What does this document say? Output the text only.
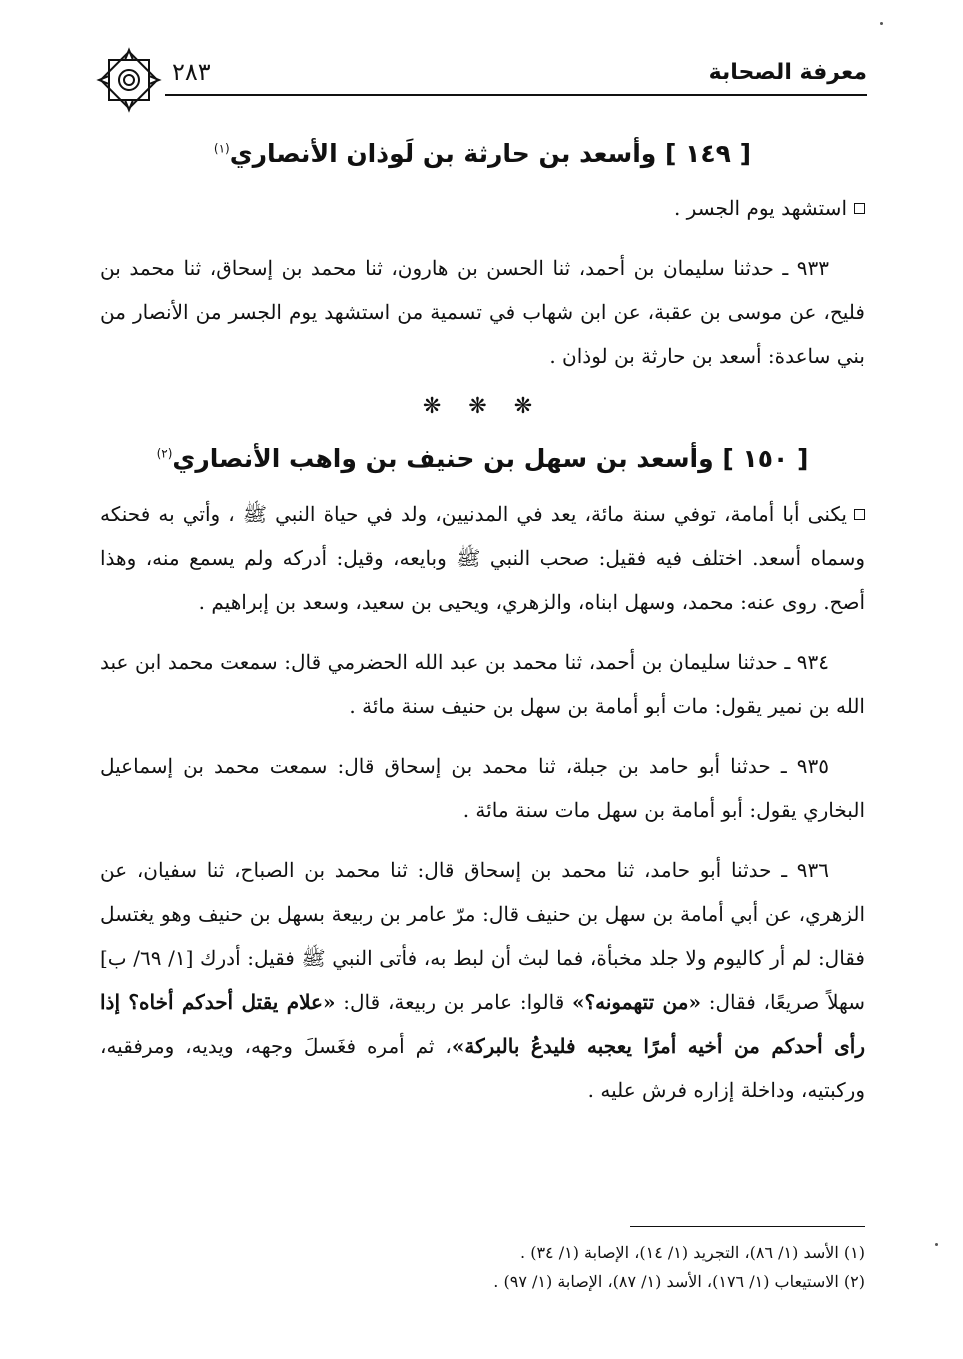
٢٨٣	معرفة الصحابة
[ ١٤٩ ] وأسعد بن حارثة بن لَوذان الأنصاري$^{(١)}$

استشهد يوم الجسر .

٩٣٣ ـ حدثنا سليمان بن أحمد، ثنا الحسن بن هارون، ثنا محمد بن إسحاق، ثنا محمد بن فليح، عن موسى بن عقبة، عن ابن شهاب في تسمية من استشهد يوم الجسر من الأنصار من بني ساعدة: أسعد بن حارثة بن لوذان .

❋ ❋ ❋
[ ١٥٠ ] وأسعد بن سهل بن حنيف بن واهب الأنصاري$^{(٢)}$

يكنى أبا أمامة، توفي سنة مائة، يعد في المدنيين، ولد في حياة النبي ﷺ ، وأتي به فحنكه وسماه أسعد. اختلف فيه فقيل: صحب النبي ﷺ وبايعه، وقيل: أدركه ولم يسمع منه، وهذا أصح. روى عنه: محمد، وسهل ابناه، والزهري، ويحيى بن سعيد، وسعد بن إبراهيم .

٩٣٤ ـ حدثنا سليمان بن أحمد، ثنا محمد بن عبد الله الحضرمي قال: سمعت محمد ابن عبد الله بن نمير يقول: مات أبو أمامة بن سهل بن حنيف سنة مائة .

٩٣٥ ـ حدثنا أبو حامد بن جبلة، ثنا محمد بن إسحاق قال: سمعت محمد بن إسماعيل البخاري يقول: أبو أمامة بن سهل مات سنة مائة .

٩٣٦ ـ حدثنا أبو حامد، ثنا محمد بن إسحاق قال: ثنا محمد بن الصباح، ثنا سفيان، عن الزهري، عن أبي أمامة بن سهل بن حنيف قال: مرّ عامر بن ربيعة بسهل بن حنيف وهو يغتسل فقال: لم أر كاليوم ولا جلد مخبأة، فما لبث أن لبط به، فأتى النبي ﷺ فقيل: أدرك [١/ ٦٩/ ب] سهلاً صريعًا، فقال: «من تتهمونه؟» قالوا: عامر بن ربيعة، قال: «علام يقتل أحدكم أخاه؟ إذا رأى أحدكم من أخيه أمرًا يعجبه فليدعُ بالبركة»، ثم أمره فغَسلَ وجهه، ويديه، ومرفقيه، وركبتيه، وداخلة إزاره فرش عليه .

(١) الأسد (١/ ٨٦)، التجريد (١/ ١٤)، الإصابة (١/ ٣٤) .
(٢) الاستيعاب (١/ ١٧٦)، الأسد (١/ ٨٧)، الإصابة (١/ ٩٧) .
